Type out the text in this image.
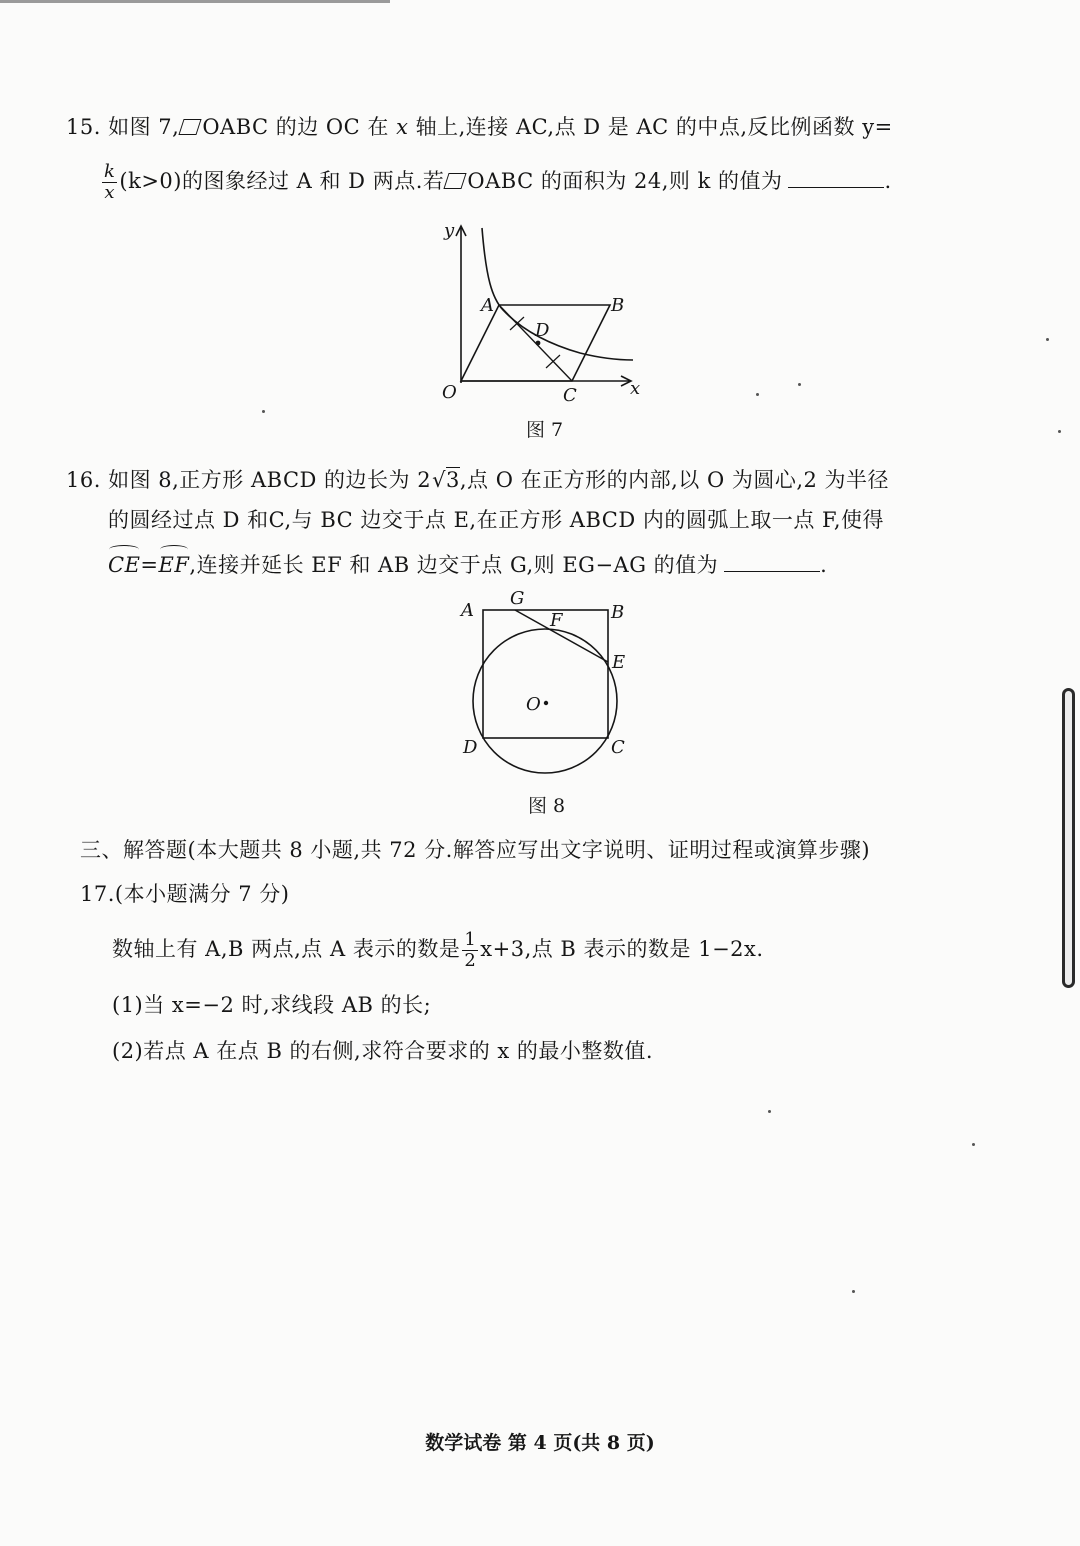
15. 如图 7, OABC 的边 OC 在 x 轴上,连接 AC,点 D 是 AC 的中点,反比例函数 y=
$\frac{k}{x} (k>0)$的图象经过 A 和 D 两点.若 OABC 的面积为 24,则 k 的值为	.
y
x
O
A	B
C
D
图 7
16. 如图 8,正方形 ABCD 的边长为 2√3,点 O 在正方形的内部,以 O 为圆心,2 为半径
的圆经过点 D 和C,与 BC 边交于点 E,在正方形 ABCD 内的圆弧上取一点 F,使得
CE=EF,连接并延长 EF 和 AB 边交于点 G,则 EG−AG 的值为	.
A
G
B
F
E
O
D	C
图 8
三、解答题(本大题共 8 小题,共 72 分.解答应写出文字说明、证明过程或演算步骤)
17.(本小题满分 7 分)
数轴上有 A,B 两点,点 A 表示的数是 $\frac{1}{2} x+3$,点 B 表示的数是 1−2x.
(1)当 x=−2 时,求线段 AB 的长;
(2)若点 A 在点 B 的右侧,求符合要求的 x 的最小整数值.
数学试卷 第 4 页(共 8 页)
